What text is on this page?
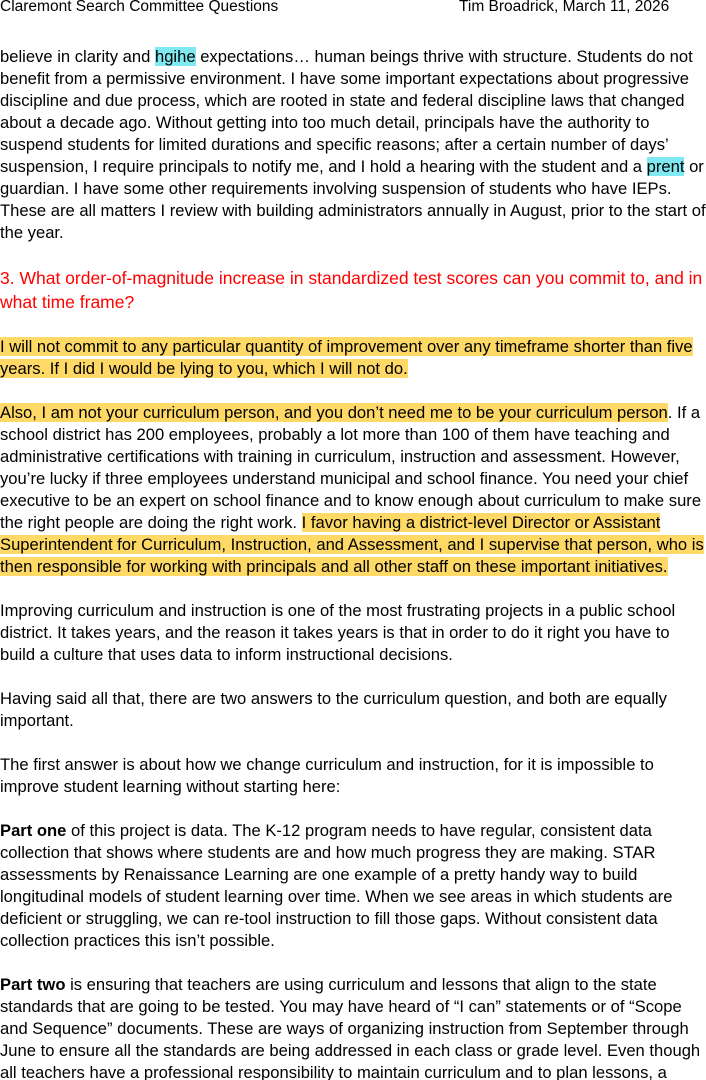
Claremont Search Committee Questions	Tim Broadrick, March 11, 2026

believe in clarity and hgihe expectations… human beings thrive with structure. Students do not benefit from a permissive environment. I have some important expectations about progressive discipline and due process, which are rooted in state and federal discipline laws that changed about a decade ago. Without getting into too much detail, principals have the authority to suspend students for limited durations and specific reasons; after a certain number of days’ suspension, I require principals to notify me, and I hold a hearing with the student and a prent or guardian. I have some other requirements involving suspension of students who have IEPs. These are all matters I review with building administrators annually in August, prior to the start of the year.

3. What order-of-magnitude increase in standardized test scores can you commit to, and in what time frame?

I will not commit to any particular quantity of improvement over any timeframe shorter than five years. If I did I would be lying to you, which I will not do.

Also, I am not your curriculum person, and you don’t need me to be your curriculum person. If a school district has 200 employees, probably a lot more than 100 of them have teaching and administrative certifications with training in curriculum, instruction and assessment. However, you’re lucky if three employees understand municipal and school finance. You need your chief executive to be an expert on school finance and to know enough about curriculum to make sure the right people are doing the right work. I favor having a district-level Director or Assistant Superintendent for Curriculum, Instruction, and Assessment, and I supervise that person, who is then responsible for working with principals and all other staff on these important initiatives.

Improving curriculum and instruction is one of the most frustrating projects in a public school district. It takes years, and the reason it takes years is that in order to do it right you have to build a culture that uses data to inform instructional decisions.

Having said all that, there are two answers to the curriculum question, and both are equally important.

The first answer is about how we change curriculum and instruction, for it is impossible to improve student learning without starting here:

Part one of this project is data. The K-12 program needs to have regular, consistent data collection that shows where students are and how much progress they are making. STAR assessments by Renaissance Learning are one example of a pretty handy way to build longitudinal models of student learning over time. When we see areas in which students are deficient or struggling, we can re-tool instruction to fill those gaps. Without consistent data collection practices this isn’t possible.

Part two is ensuring that teachers are using curriculum and lessons that align to the state standards that are going to be tested. You may have heard of “I can” statements or of “Scope and Sequence” documents. These are ways of organizing instruction from September through June to ensure all the standards are being addressed in each class or grade level. Even though all teachers have a professional responsibility to maintain curriculum and to plan lessons, a
